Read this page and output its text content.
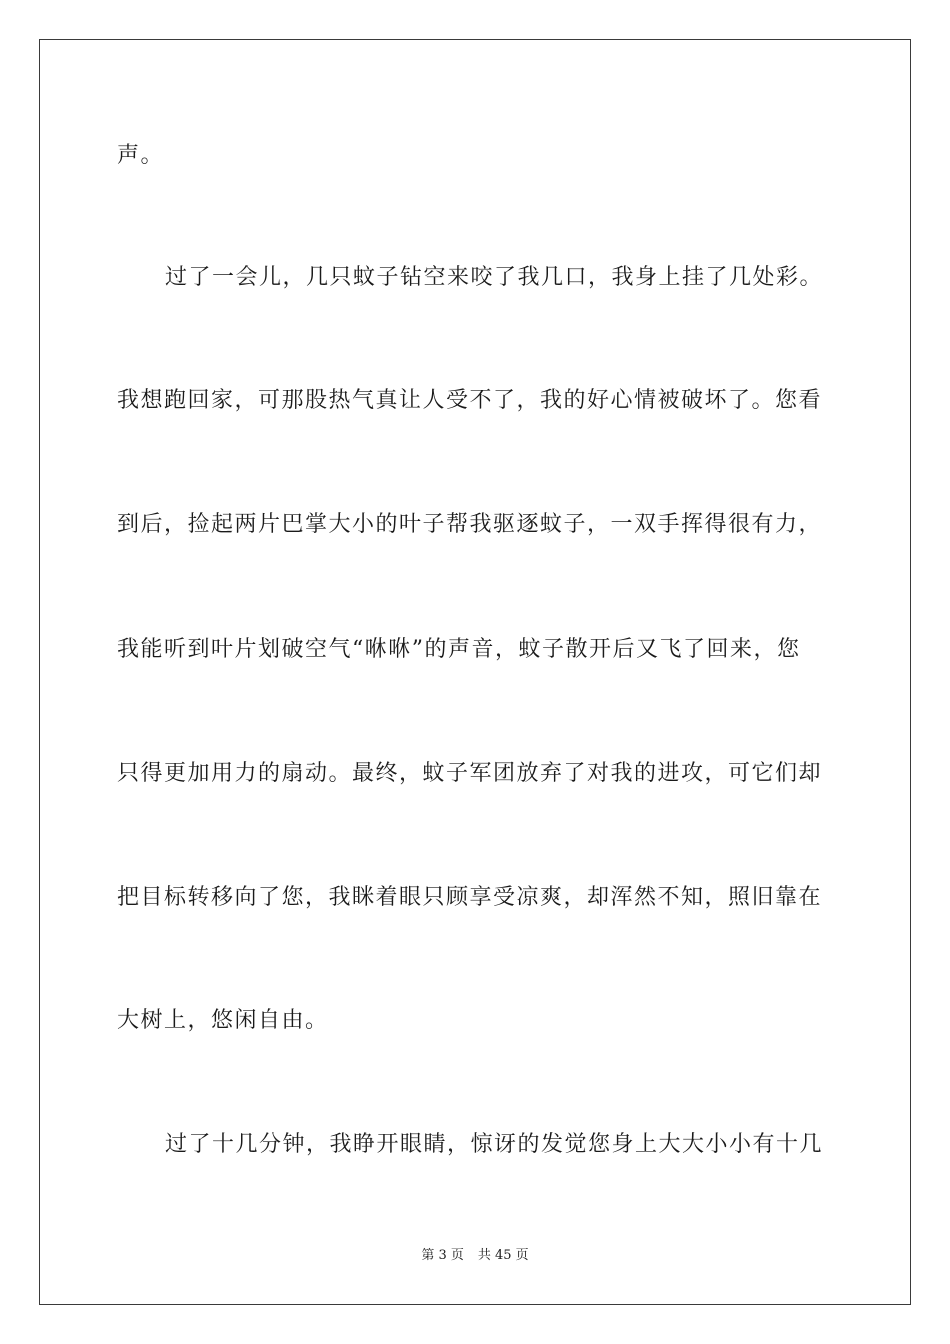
声。
过了一会儿，几只蚊子钻空来咬了我几口，我身上挂了几处彩。
我想跑回家，可那股热气真让人受不了，我的好心情被破坏了。您看
到后，捡起两片巴掌大小的叶子帮我驱逐蚊子，一双手挥得很有力，
我能听到叶片划破空气“咻咻”的声音，蚊子散开后又飞了回来，您
只得更加用力的扇动。最终，蚊子军团放弃了对我的进攻，可它们却
把目标转移向了您，我眯着眼只顾享受凉爽，却浑然不知，照旧靠在
大树上，悠闲自由。
过了十几分钟，我睁开眼睛，惊讶的发觉您身上大大小小有十几
第 3 页 共 45 页
